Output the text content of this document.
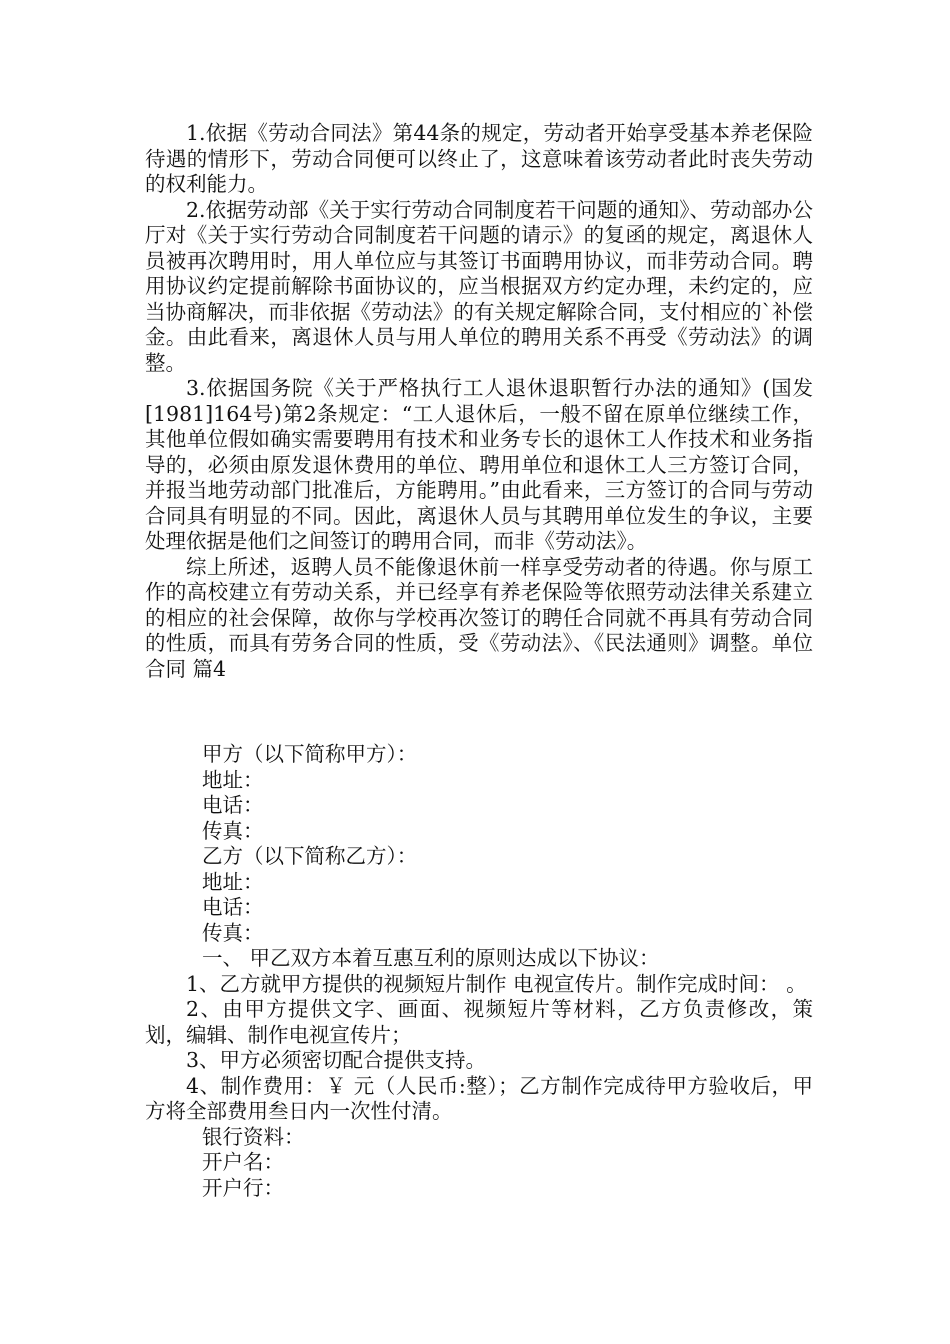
1.依据《劳动合同法》第44条的规定，劳动者开始享受基本养老保险待遇的情形下，劳动合同便可以终止了，这意味着该劳动者此时丧失劳动的权利能力。

2.依据劳动部《关于实行劳动合同制度若干问题的通知》、劳动部办公厅对《关于实行劳动合同制度若干问题的请示》的复函的规定，离退休人员被再次聘用时，用人单位应与其签订书面聘用协议，而非劳动合同。聘用协议约定提前解除书面协议的，应当根据双方约定办理，未约定的，应当协商解决，而非依据《劳动法》的有关规定解除合同，支付相应的`补偿金。由此看来，离退休人员与用人单位的聘用关系不再受《劳动法》的调整。

3.依据国务院《关于严格执行工人退休退职暂行办法的通知》(国发[1981]164号)第2条规定：“工人退休后，一般不留在原单位继续工作，其他单位假如确实需要聘用有技术和业务专长的退休工人作技术和业务指导的，必须由原发退休费用的单位、聘用单位和退休工人三方签订合同，并报当地劳动部门批准后，方能聘用。”由此看来，三方签订的合同与劳动合同具有明显的不同。因此，离退休人员与其聘用单位发生的争议，主要处理依据是他们之间签订的聘用合同，而非《劳动法》。

综上所述，返聘人员不能像退休前一样享受劳动者的待遇。你与原工作的高校建立有劳动关系，并已经享有养老保险等依照劳动法律关系建立的相应的社会保障，故你与学校再次签订的聘任合同就不再具有劳动合同的性质，而具有劳务合同的性质，受《劳动法》、《民法通则》调整。单位合同 篇4

甲方（以下简称甲方）：

地址：

电话：

传真：

乙方（以下简称乙方）：

地址：

电话：

传真：

一、 甲乙双方本着互惠互利的原则达成以下协议：

1、乙方就甲方提供的视频短片制作 电视宣传片。制作完成时间： 。

2、由甲方提供文字、画面、视频短片等材料，乙方负责修改，策划，编辑、制作电视宣传片；

3、甲方必须密切配合提供支持。

4、制作费用：￥ 元（人民币:整）；乙方制作完成待甲方验收后，甲方将全部费用叁日内一次性付清。

银行资料：

开户名：

开户行：
